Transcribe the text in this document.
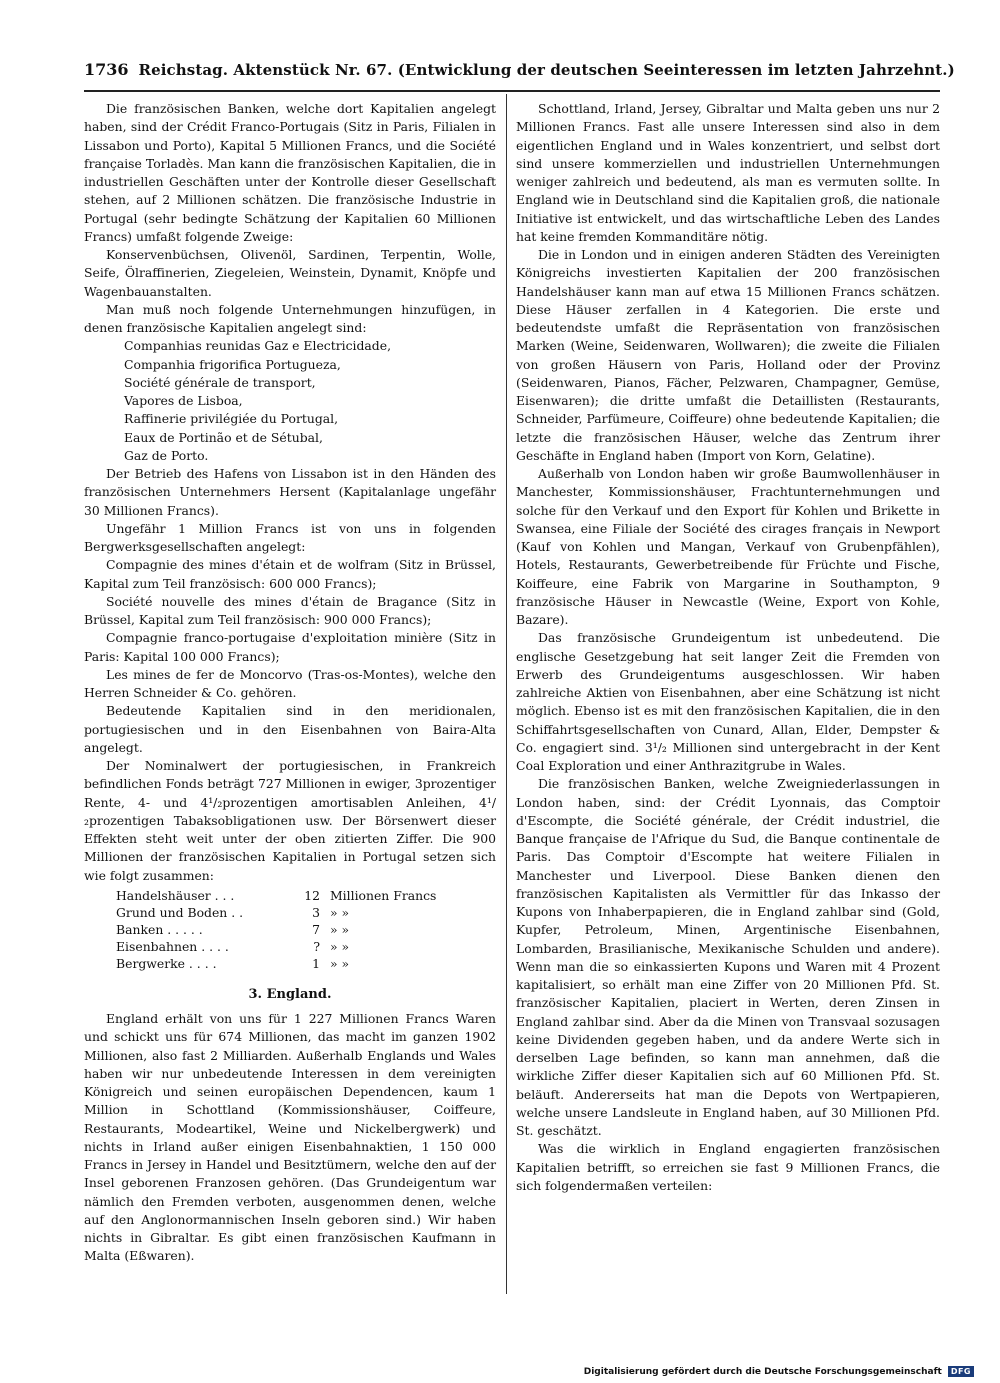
1736 Reichstag. Aktenstück Nr. 67. (Entwicklung der deutschen Seeinteressen im letzten Jahrzehnt.)

Die französischen Banken, welche dort Kapitalien angelegt haben, sind der Crédit Franco-Portugais (Sitz in Paris, Filialen in Lissabon und Porto), Kapital 5 Millionen Francs, und die Société française Torladès. Man kann die französischen Kapitalien, die in industriellen Geschäften unter der Kontrolle dieser Gesellschaft stehen, auf 2 Millionen schätzen. Die französische Industrie in Portugal (sehr bedingte Schätzung der Kapitalien 60 Millionen Francs) umfaßt folgende Zweige:

Konservenbüchsen, Olivenöl, Sardinen, Terpentin, Wolle, Seife, Ölraffinerien, Ziegeleien, Weinstein, Dynamit, Knöpfe und Wagenbauanstalten.

Man muß noch folgende Unternehmungen hinzufügen, in denen französische Kapitalien angelegt sind:

Companhias reunidas Gaz e Electricidade,
Companhia frigorifica Portugueza,
Société générale de transport,
Vapores de Lisboa,
Raffinerie privilégiée du Portugal,
Eaux de Portinão et de Sétubal,
Gaz de Porto.

Der Betrieb des Hafens von Lissabon ist in den Händen des französischen Unternehmers Hersent (Kapitalanlage ungefähr 30 Millionen Francs).

Ungefähr 1 Million Francs ist von uns in folgenden Bergwerksgesellschaften angelegt:

Compagnie des mines d'étain et de wolfram (Sitz in Brüssel, Kapital zum Teil französisch: 600 000 Francs);

Société nouvelle des mines d'étain de Bragance (Sitz in Brüssel, Kapital zum Teil französisch: 900 000 Francs);

Compagnie franco-portugaise d'exploitation minière (Sitz in Paris: Kapital 100 000 Francs);

Les mines de fer de Moncorvo (Tras-os-Montes), welche den Herren Schneider & Co. gehören.

Bedeutende Kapitalien sind in den meridionalen, portugiesischen und in den Eisenbahnen von Baira-Alta angelegt.

Der Nominalwert der portugiesischen, in Frankreich befindlichen Fonds beträgt 727 Millionen in ewiger, 3prozentiger Rente, 4- und 4¹/₂prozentigen amortisablen Anleihen, 4¹/₂prozentigen Tabaksobligationen usw. Der Börsenwert dieser Effekten steht weit unter der oben zitierten Ziffer. Die 900 Millionen der französischen Kapitalien in Portugal setzen sich wie folgt zusammen:

Handelshäuser . . .	12	Millionen Francs
Grund und Boden . .	3	» »
Banken . . . . .	7	» »
Eisenbahnen . . . .	?	» »
Bergwerke . . . .	1	» »
3. England.

England erhält von uns für 1 227 Millionen Francs Waren und schickt uns für 674 Millionen, das macht im ganzen 1902 Millionen, also fast 2 Milliarden. Außerhalb Englands und Wales haben wir nur unbedeutende Interessen in dem vereinigten Königreich und seinen europäischen Dependencen, kaum 1 Million in Schottland (Kommissionshäuser, Coiffeure, Restaurants, Modeartikel, Weine und Nickelbergwerk) und nichts in Irland außer einigen Eisenbahnaktien, 1 150 000 Francs in Jersey in Handel und Besitztümern, welche den auf der Insel geborenen Franzosen gehören. (Das Grundeigentum war nämlich den Fremden verboten, ausgenommen denen, welche auf den Anglonormannischen Inseln geboren sind.) Wir haben nichts in Gibraltar. Es gibt einen französischen Kaufmann in Malta (Eßwaren).

Schottland, Irland, Jersey, Gibraltar und Malta geben uns nur 2 Millionen Francs. Fast alle unsere Interessen sind also in dem eigentlichen England und in Wales konzentriert, und selbst dort sind unsere kommerziellen und industriellen Unternehmungen weniger zahlreich und bedeutend, als man es vermuten sollte. In England wie in Deutschland sind die Kapitalien groß, die nationale Initiative ist entwickelt, und das wirtschaftliche Leben des Landes hat keine fremden Kommanditäre nötig.

Die in London und in einigen anderen Städten des Vereinigten Königreichs investierten Kapitalien der 200 französischen Handelshäuser kann man auf etwa 15 Millionen Francs schätzen. Diese Häuser zerfallen in 4 Kategorien. Die erste und bedeutendste umfaßt die Repräsentation von französischen Marken (Weine, Seidenwaren, Wollwaren); die zweite die Filialen von großen Häusern von Paris, Holland oder der Provinz (Seidenwaren, Pianos, Fächer, Pelzwaren, Champagner, Gemüse, Eisenwaren); die dritte umfaßt die Detaillisten (Restaurants, Schneider, Parfümeure, Coiffeure) ohne bedeutende Kapitalien; die letzte die französischen Häuser, welche das Zentrum ihrer Geschäfte in England haben (Import von Korn, Gelatine).

Außerhalb von London haben wir große Baumwollenhäuser in Manchester, Kommissionshäuser, Frachtunternehmungen und solche für den Verkauf und den Export für Kohlen und Brikette in Swansea, eine Filiale der Société des cirages français in Newport (Kauf von Kohlen und Mangan, Verkauf von Grubenpfählen), Hotels, Restaurants, Gewerbetreibende für Früchte und Fische, Koiffeure, eine Fabrik von Margarine in Southampton, 9 französische Häuser in Newcastle (Weine, Export von Kohle, Bazare).

Das französische Grundeigentum ist unbedeutend. Die englische Gesetzgebung hat seit langer Zeit die Fremden von Erwerb des Grundeigentums ausgeschlossen. Wir haben zahlreiche Aktien von Eisenbahnen, aber eine Schätzung ist nicht möglich. Ebenso ist es mit den französischen Kapitalien, die in den Schiffahrtsgesellschaften von Cunard, Allan, Elder, Dempster & Co. engagiert sind. 3¹/₂ Millionen sind untergebracht in der Kent Coal Exploration und einer Anthrazitgrube in Wales.

Die französischen Banken, welche Zweigniederlassungen in London haben, sind: der Crédit Lyonnais, das Comptoir d'Escompte, die Société générale, der Crédit industriel, die Banque française de l'Afrique du Sud, die Banque continentale de Paris. Das Comptoir d'Escompte hat weitere Filialen in Manchester und Liverpool. Diese Banken dienen den französischen Kapitalisten als Vermittler für das Inkasso der Kupons von Inhaberpapieren, die in England zahlbar sind (Gold, Kupfer, Petroleum, Minen, Argentinische Eisenbahnen, Lombarden, Brasilianische, Mexikanische Schulden und andere). Wenn man die so einkassierten Kupons und Waren mit 4 Prozent kapitalisiert, so erhält man eine Ziffer von 20 Millionen Pfd. St. französischer Kapitalien, placiert in Werten, deren Zinsen in England zahlbar sind. Aber da die Minen von Transvaal sozusagen keine Dividenden gegeben haben, und da andere Werte sich in derselben Lage befinden, so kann man annehmen, daß die wirkliche Ziffer dieser Kapitalien sich auf 60 Millionen Pfd. St. beläuft. Andererseits hat man die Depots von Wertpapieren, welche unsere Landsleute in England haben, auf 30 Millionen Pfd. St. geschätzt.

Was die wirklich in England engagierten französischen Kapitalien betrifft, so erreichen sie fast 9 Millionen Francs, die sich folgendermaßen verteilen:

Digitalisierung gefördert durch die Deutsche Forschungsgemeinschaft	DFG
